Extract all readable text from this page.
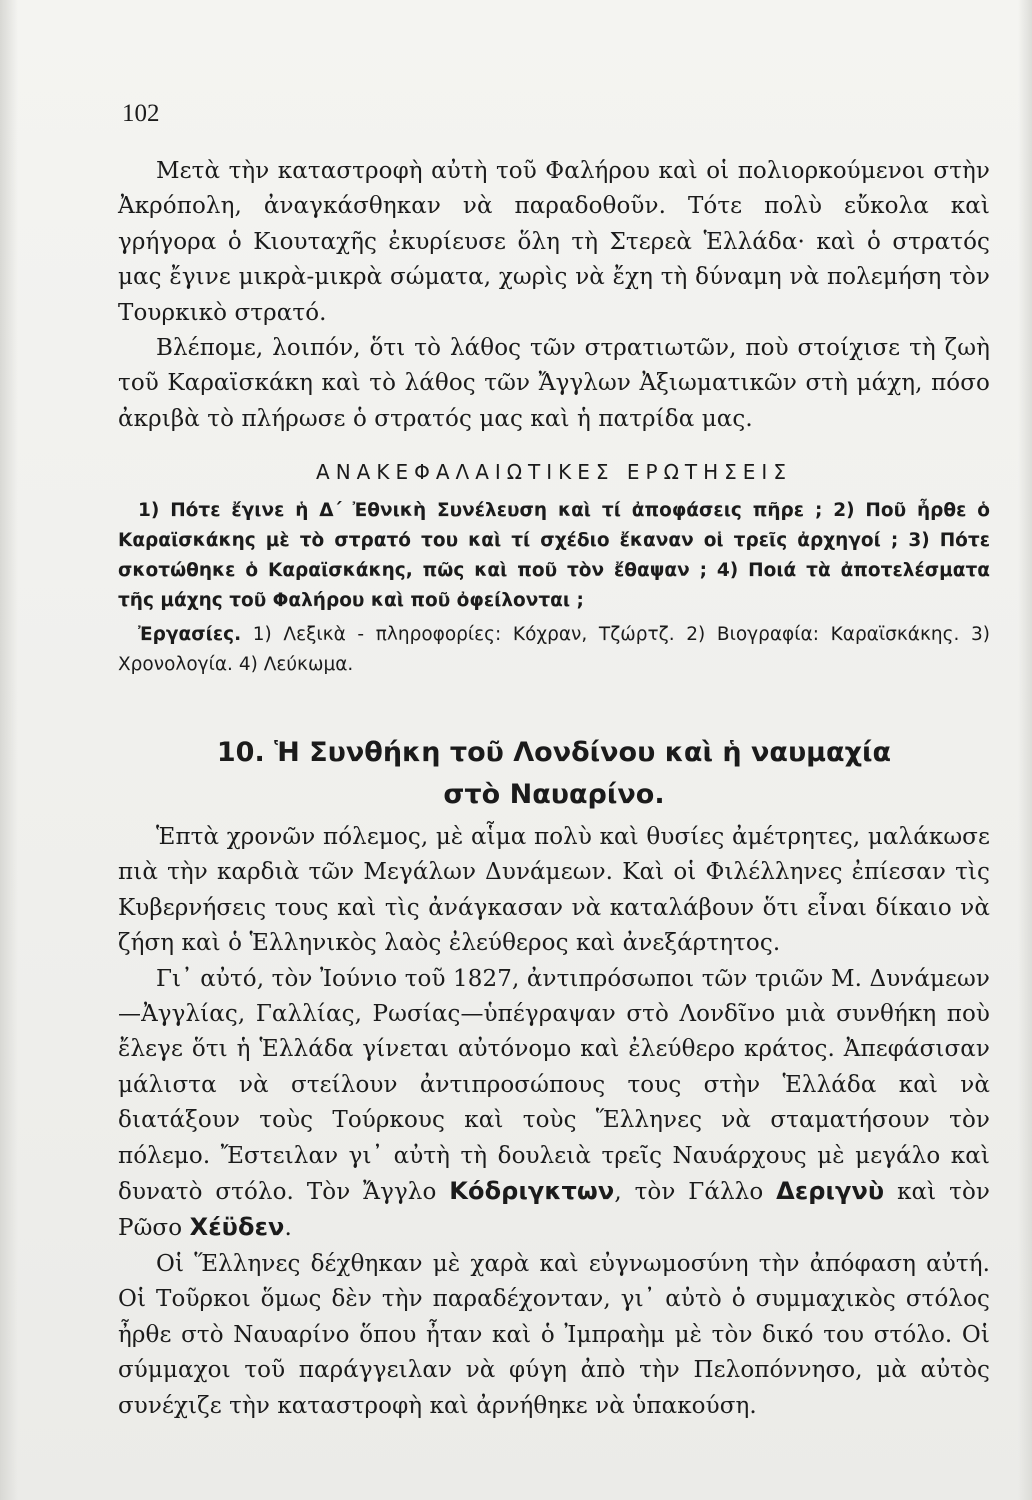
102

Μετὰ τὴν καταστροφὴ αὐτὴ τοῦ Φαλήρου καὶ οἱ πολιορκούμενοι στὴν Ἀκρόπολη, ἀναγκάσθηκαν νὰ παραδοθοῦν. Τότε πολὺ εὔκολα καὶ γρήγορα ὁ Κιουταχῆς ἐκυρίευσε ὅλη τὴ Στερεὰ Ἑλλάδα· καὶ ὁ στρατός μας ἔγινε μικρὰ-μικρὰ σώματα, χωρὶς νὰ ἔχη τὴ δύναμη νὰ πολεμήση τὸν Τουρκικὸ στρατό.

Βλέπομε, λοιπόν, ὅτι τὸ λάθος τῶν στρατιωτῶν, ποὺ στοίχισε τὴ ζωὴ τοῦ Καραϊσκάκη καὶ τὸ λάθος τῶν Ἄγγλων Ἀξιωματικῶν στὴ μάχη, πόσο ἀκριβὰ τὸ πλήρωσε ὁ στρατός μας καὶ ἡ πατρίδα μας.

ΑΝΑΚΕΦΑΛΑΙΩΤΙΚΕΣ ΕΡΩΤΗΣΕΙΣ

1) Πότε ἔγινε ἡ Δ΄ Ἐθνικὴ Συνέλευση καὶ τί ἀποφάσεις πῆρε ; 2) Ποῦ ἦρθε ὁ Καραϊσκάκης μὲ τὸ στρατό του καὶ τί σχέδιο ἔκαναν οἱ τρεῖς ἀρχηγοί ; 3) Πότε σκοτώθηκε ὁ Καραϊσκάκης, πῶς καὶ ποῦ τὸν ἔθαψαν ; 4) Ποιά τὰ ἀποτελέσματα τῆς μάχης τοῦ Φαλήρου καὶ ποῦ ὀφείλονται ;

Ἐργασίες. 1) Λεξικὰ - πληροφορίες: Κόχραν, Τζώρτζ. 2) Βιογραφία: Καραϊσκάκης. 3) Χρονολογία. 4) Λεύκωμα.

10. Ἡ Συνθήκη τοῦ Λονδίνου καὶ ἡ ναυμαχία
στὸ Ναυαρίνο.

Ἑπτὰ χρονῶν πόλεμος, μὲ αἷμα πολὺ καὶ θυσίες ἀμέτρητες, μαλάκωσε πιὰ τὴν καρδιὰ τῶν Μεγάλων Δυνάμεων. Καὶ οἱ Φιλέλληνες ἐπίεσαν τὶς Κυβερνήσεις τους καὶ τὶς ἀνάγκασαν νὰ καταλάβουν ὅτι εἶναι δίκαιο νὰ ζήση καὶ ὁ Ἑλληνικὸς λαὸς ἐλεύθερος καὶ ἀνεξάρτητος.

Γι᾿ αὐτό, τὸν Ἰούνιο τοῦ 1827, ἀντιπρόσωποι τῶν τριῶν Μ. Δυνάμεων—Ἀγγλίας, Γαλλίας, Ρωσίας—ὑπέγραψαν στὸ Λονδῖνο μιὰ συνθήκη ποὺ ἔλεγε ὅτι ἡ Ἑλλάδα γίνεται αὐτόνομο καὶ ἐλεύθερο κράτος. Ἀπεφάσισαν μάλιστα νὰ στείλουν ἀντιπροσώπους τους στὴν Ἑλλάδα καὶ νὰ διατάξουν τοὺς Τούρκους καὶ τοὺς Ἕλληνες νὰ σταματήσουν τὸν πόλεμο. Ἔστειλαν γι᾿ αὐτὴ τὴ δουλειὰ τρεῖς Ναυάρχους μὲ μεγάλο καὶ δυνατὸ στόλο. Τὸν Ἄγγλο Κόδριγκτων, τὸν Γάλλο Δεριγνὺ καὶ τὸν Ρῶσο Χέϋδεν.

Οἱ Ἕλληνες δέχθηκαν μὲ χαρὰ καὶ εὐγνωμοσύνη τὴν ἀπόφαση αὐτή. Οἱ Τοῦρκοι ὅμως δὲν τὴν παραδέχονταν, γι᾿ αὐτὸ ὁ συμμαχικὸς στόλος ἦρθε στὸ Ναυαρίνο ὅπου ἦταν καὶ ὁ Ἰμπραὴμ μὲ τὸν δικό του στόλο. Οἱ σύμμαχοι τοῦ παράγγειλαν νὰ φύγη ἀπὸ τὴν Πελοπόννησο, μὰ αὐτὸς συνέχιζε τὴν καταστροφὴ καὶ ἀρνήθηκε νὰ ὑπακούση.
